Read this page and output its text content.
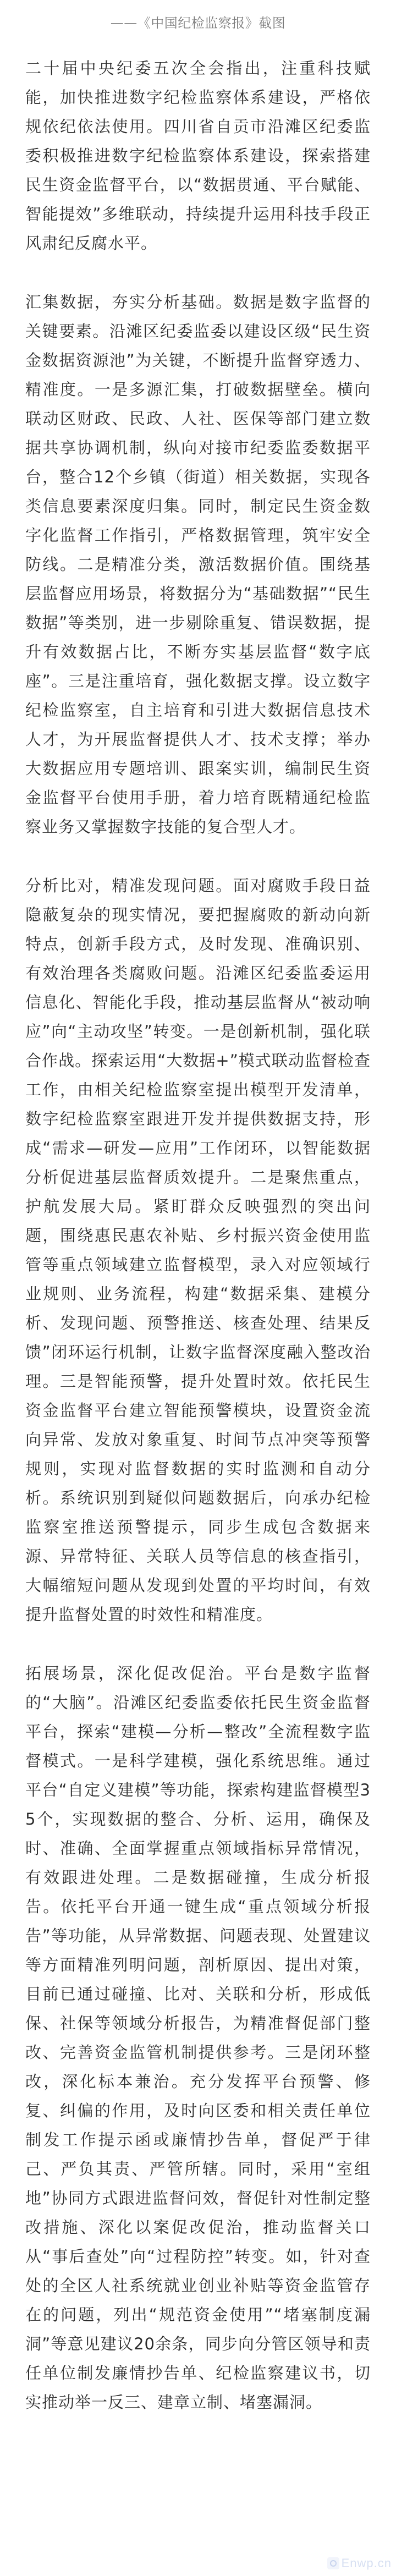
——《中国纪检监察报》截图
二十届中央纪委五次全会指出，注重科技赋能，加快推进数字纪检监察体系建设，严格依规依纪依法使用。四川省自贡市沿滩区纪委监委积极推进数字纪检监察体系建设，探索搭建民生资金监督平台，以“数据贯通、平台赋能、智能提效”多维联动，持续提升运用科技手段正风肃纪反腐水平。
汇集数据，夯实分析基础。数据是数字监督的关键要素。沿滩区纪委监委以建设区级“民生资金数据资源池”为关键，不断提升监督穿透力、精准度。一是多源汇集，打破数据壁垒。横向联动区财政、民政、人社、医保等部门建立数据共享协调机制，纵向对接市纪委监委数据平台，整合12个乡镇（街道）相关数据，实现各类信息要素深度归集。同时，制定民生资金数字化监督工作指引，严格数据管理，筑牢安全防线。二是精准分类，激活数据价值。围绕基层监督应用场景，将数据分为“基础数据”“民生数据”等类别，进一步剔除重复、错误数据，提升有效数据占比，不断夯实基层监督“数字底座”。三是注重培育，强化数据支撑。设立数字纪检监察室，自主培育和引进大数据信息技术人才，为开展监督提供人才、技术支撑；举办大数据应用专题培训、跟案实训，编制民生资金监督平台使用手册，着力培育既精通纪检监察业务又掌握数字技能的复合型人才。
分析比对，精准发现问题。面对腐败手段日益隐蔽复杂的现实情况，要把握腐败的新动向新特点，创新手段方式，及时发现、准确识别、有效治理各类腐败问题。沿滩区纪委监委运用信息化、智能化手段，推动基层监督从“被动响应”向“主动攻坚”转变。一是创新机制，强化联合作战。探索运用“大数据+”模式联动监督检查工作，由相关纪检监察室提出模型开发清单，数字纪检监察室跟进开发并提供数据支持，形成“需求—研发—应用”工作闭环，以智能数据分析促进基层监督质效提升。二是聚焦重点，护航发展大局。紧盯群众反映强烈的突出问题，围绕惠民惠农补贴、乡村振兴资金使用监管等重点领域建立监督模型，录入对应领域行业规则、业务流程，构建“数据采集、建模分析、发现问题、预警推送、核查处理、结果反馈”闭环运行机制，让数字监督深度融入整改治理。三是智能预警，提升处置时效。依托民生资金监督平台建立智能预警模块，设置资金流向异常、发放对象重复、时间节点冲突等预警规则，实现对监督数据的实时监测和自动分析。系统识别到疑似问题数据后，向承办纪检监察室推送预警提示，同步生成包含数据来源、异常特征、关联人员等信息的核查指引，大幅缩短问题从发现到处置的平均时间，有效提升监督处置的时效性和精准度。
拓展场景，深化促改促治。平台是数字监督的“大脑”。沿滩区纪委监委依托民生资金监督平台，探索“建模—分析—整改”全流程数字监督模式。一是科学建模，强化系统思维。通过平台“自定义建模”等功能，探索构建监督模型35个，实现数据的整合、分析、运用，确保及时、准确、全面掌握重点领域指标异常情况，有效跟进处理。二是数据碰撞，生成分析报告。依托平台开通一键生成“重点领域分析报告”等功能，从异常数据、问题表现、处置建议等方面精准列明问题，剖析原因、提出对策，目前已通过碰撞、比对、关联和分析，形成低保、社保等领域分析报告，为精准督促部门整改、完善资金监管机制提供参考。三是闭环整改，深化标本兼治。充分发挥平台预警、修复、纠偏的作用，及时向区委和相关责任单位制发工作提示函或廉情抄告单，督促严于律己、严负其责、严管所辖。同时，采用“室组地”协同方式跟进监督问效，督促针对性制定整改措施、深化以案促改促治，推动监督关口从“事后查处”向“过程防控”转变。如，针对查处的全区人社系统就业创业补贴等资金监管存在的问题，列出“规范资金使用”“堵塞制度漏洞”等意见建议20余条，同步向分管区领导和责任单位制发廉情抄告单、纪检监察建议书，切实推动举一反三、建章立制、堵塞漏洞。
Enwp.cn
